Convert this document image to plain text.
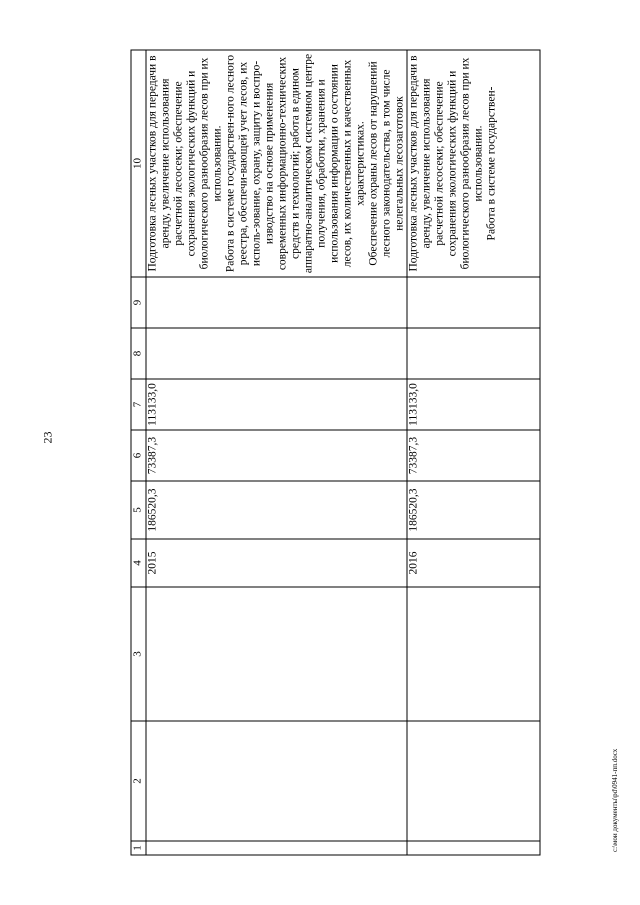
23
1	2	3	4	5	6	7	8	9	10
			2015	186520,3	73387,3	113133,0			Подготовка лесных участков для передачи в аренду, увеличение использования расчетной лесосеки; обеспечение сохранения экологических функций и биологического разнообразия лесов при их использовании. Работа в системе государствен-ного лесного реестра, обеспечи-вающей учет лесов, их исполь-зование, охрану, защиту и воспро-изводство на основе применения современных информационно-технических средств и технологий; работа в едином аппаратно-аналитическом системном центре получения, обработки, хранения и использования информации о состоянии лесов, их количественных и качественных характеристиках. Обеспечение охраны лесов от нарушений лесного законодательства, в том числе нелегальных лесозаготовок

			2016	186520,3	73387,3	113133,0			Подготовка лесных участков для передачи в аренду, увеличение использования расчетной лесосеки; обеспечение сохранения экологических функций и биологического разнообразия лесов при их использовании. Работа в системе государствен-

c:\мои документы\pd\0941-пп.docx
